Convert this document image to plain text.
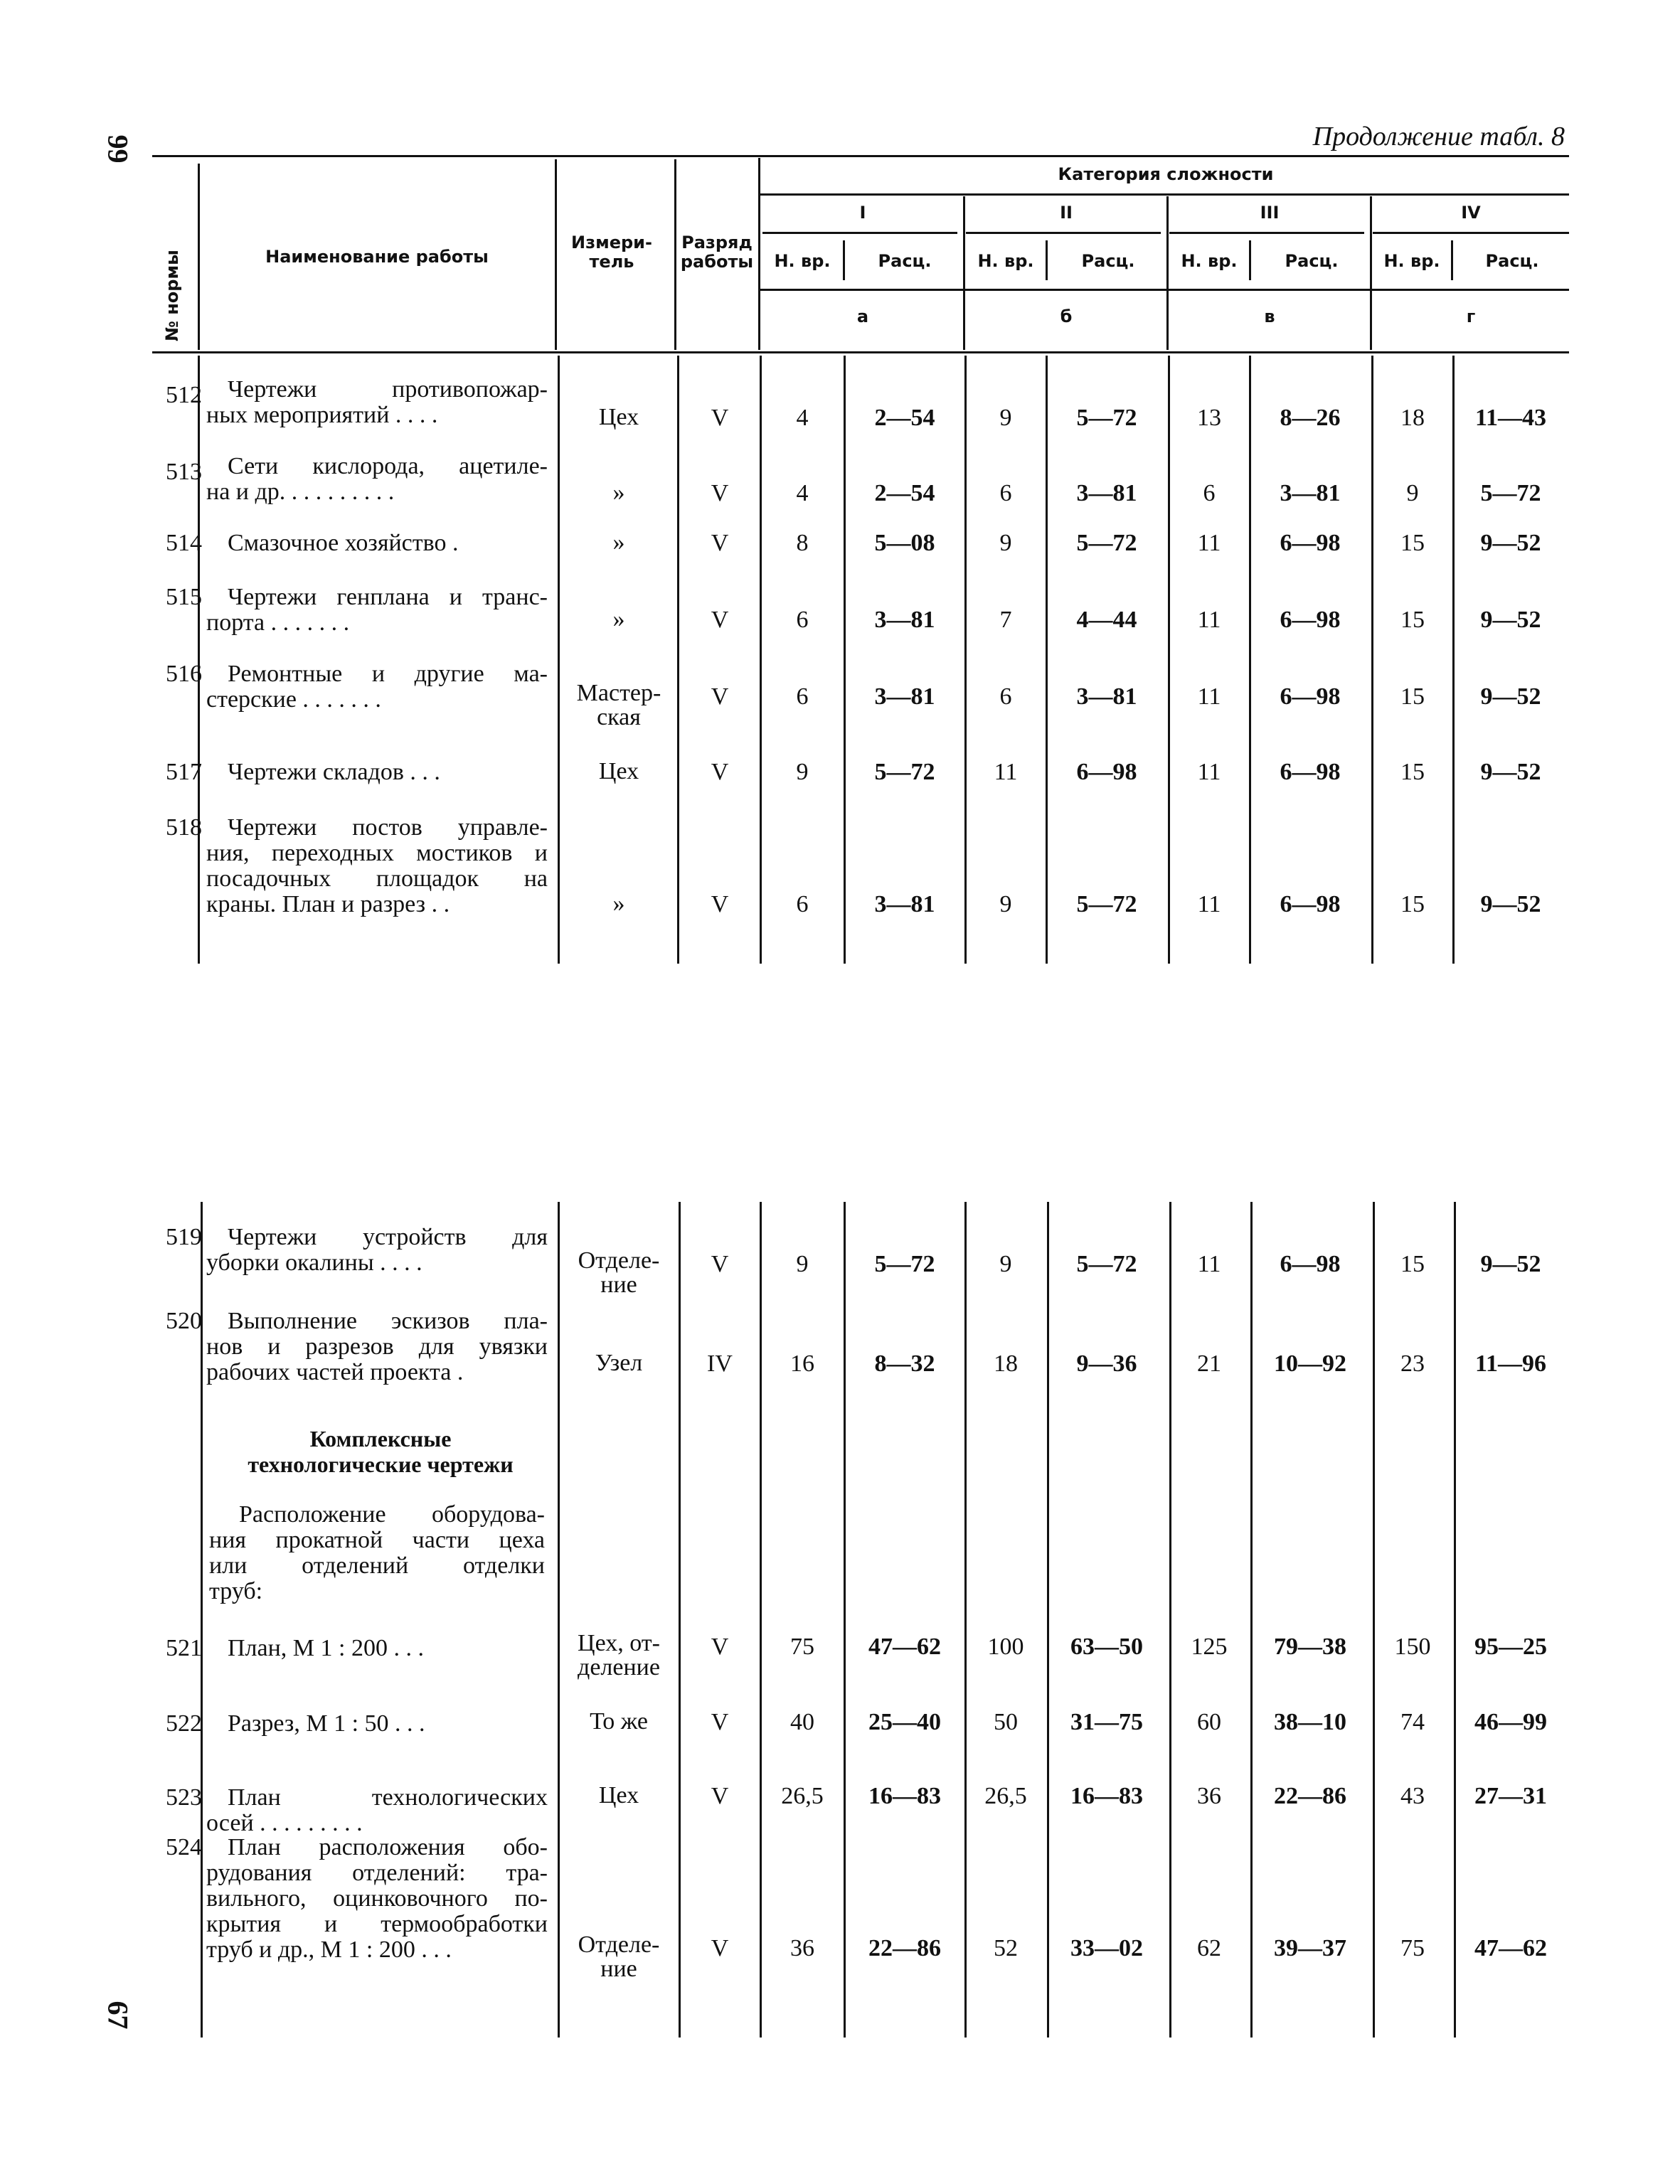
99
67
Продолжение табл. 8
№ нормы	Наименование работы
Измери-тель
Разряд работы
Категория сложности
I	II	III	IV
Н. вр.	Расц.	Н. вр.	Расц.	Н. вр.	Расц.	Н. вр.	Расц.
а	б	в	г
512	Чертежи противопожар-
ных мероприятий . . . .	Цех	V	4	2—54	9	5—72	13	8—26	18	11—43
513	Сети кислорода, ацетиле-
на и др. . . . . . . . . .	»	V	4	2—54	6	3—81	6	3—81	9	5—72
514	Смазочное хозяйство .	»	V	8	5—08	9	5—72	11	6—98	15	9—52
515	Чертежи генплана и транс-
порта . . . . . . .	»	V	6	3—81	7	4—44	11	6—98	15	9—52
516	Ремонтные и другие ма-
стерские . . . . . . .	Мастер-
ская
V	6	3—81	6	3—81	11	6—98	15	9—52
517	Чертежи складов . . .	Цех	V	9	5—72	11	6—98	11	6—98	15	9—52
518	Чертежи постов управле-
ния, переходных мостиков и
посадочных площадок на
краны. План и разрез . .	»	V	6	3—81	9	5—72	11	6—98	15	9—52
519	Чертежи устройств для
уборки окалины . . . .	Отделе-
ние
V	9	5—72	9	5—72	11	6—98	15	9—52
520	Выполнение эскизов пла-
нов и разрезов для увязки
рабочих частей проекта .	Узел	IV	16	8—32	18	9—36	21	10—92	23	11—96
521	План, М 1 : 200 . . .	Цех, от-
деление
V	75	47—62	100	63—50	125	79—38	150	95—25
522	Разрез, М 1 : 50 . . .	То же	V	40	25—40	50	31—75	60	38—10	74	46—99
523	План технологических
осей . . . . . . . . .
Цех	V	26,5	16—83	26,5	16—83	36	22—86	43	27—31
524	План расположения обо-
рудования отделений: тра-
вильного, оцинковочного по-
крытия и термообработки
труб и др., М 1 : 200 . . .	Отделе-
ние
V	36	22—86	52	33—02	62	39—37	75	47—62
Комплексные
технологические чертежи
Расположение оборудова-
ния прокатной части цеха
или отделений отделки
труб:
